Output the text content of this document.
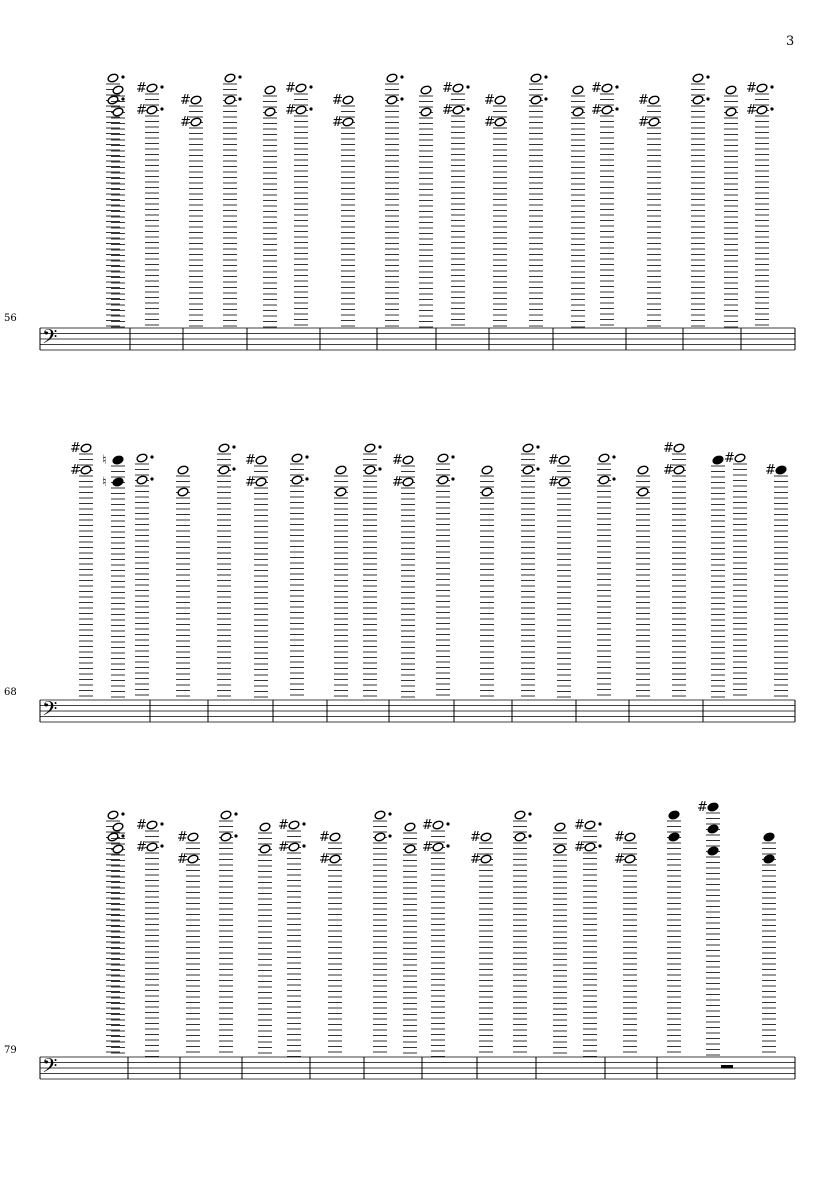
3
56
68
79
𝄢
#
#
#
#
#
#
#
#
#
#
#
#
#
#
#
#
#
#
𝄢
#
#
♮
♮
#
#
#
#
#
#
#
#
#
#
𝄢
#
#
#
#
#
#
#
#
#
#
#
#
#
#
#
#
#
